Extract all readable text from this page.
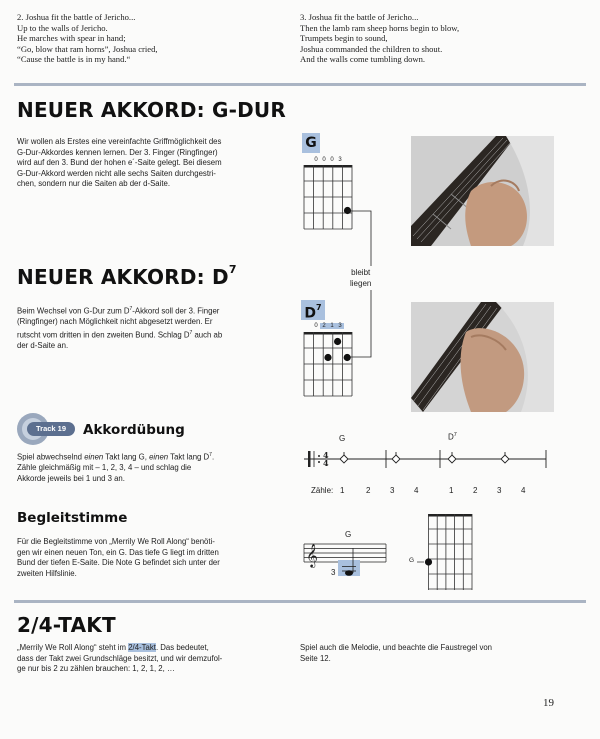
2. Joshua fit the battle of Jericho...
Up to the walls of Jericho.
He marches with spear in hand;
“Go, blow that ram horns”, Joshua cried,
“Cause the battle is in my hand.“
3. Joshua fit the battle of Jericho...
Then the lamb ram sheep horns begin to blow,
Trumpets begin to sound,
Joshua commanded the children to shout.
And the walls come tumbling down.
NEUER AKKORD: G-DUR
Wir wollen als Erstes eine vereinfachte Griffmöglichkeit des
G-Dur-Akkordes kennen lernen. Der 3. Finger (Ringfinger)
wird auf den 3. Bund der hohen e´-Saite gelegt. Bei diesem
G-Dur-Akkord werden nicht alle sechs Saiten durchgestri-
chen, sondern nur die Saiten ab der d-Saite.
G
0 0 0 3
bleibt
liegen
NEUER AKKORD: $D^7$
Beim Wechsel von G-Dur zum $D^7$-Akkord soll der 3. Finger
(Ringfinger) nach Möglichkeit nicht abgesetzt werden. Er
rutscht vom dritten in den zweiten Bund. Schlag $D^7$ auch ab
der d-Saite an.
$D^7$
0 2 1 3
Track 19	Akkordübung
Spiel abwechselnd einen Takt lang G, einen Takt lang $D^7$.
Zähle gleichmäßig mit – 1, 2, 3, 4 – und schlag die
Akkorde jeweils bei 1 und 3 an.
G	$D^7$
4
4
Zähle: 1	2 3 4	1 2 3 4
Begleitstimme
Für die Begleitstimme von „Merrily We Roll Along“ benöti-
gen wir einen neuen Ton, ein G. Das tiefe G liegt im dritten
Bund der tiefen E-Saite. Die Note G befindet sich unter der
zweiten Hilfslinie.
G
𝄞
3
G
2/4-TAKT
„Merrily We Roll Along“ steht im 2/4-Takt. Das bedeutet,
dass der Takt zwei Grundschläge besitzt, und wir demzufol-
ge nur bis 2 zu zählen brauchen: 1, 2, 1, 2, …
Spiel auch die Melodie, und beachte die Faustregel von
Seite 12.
19
